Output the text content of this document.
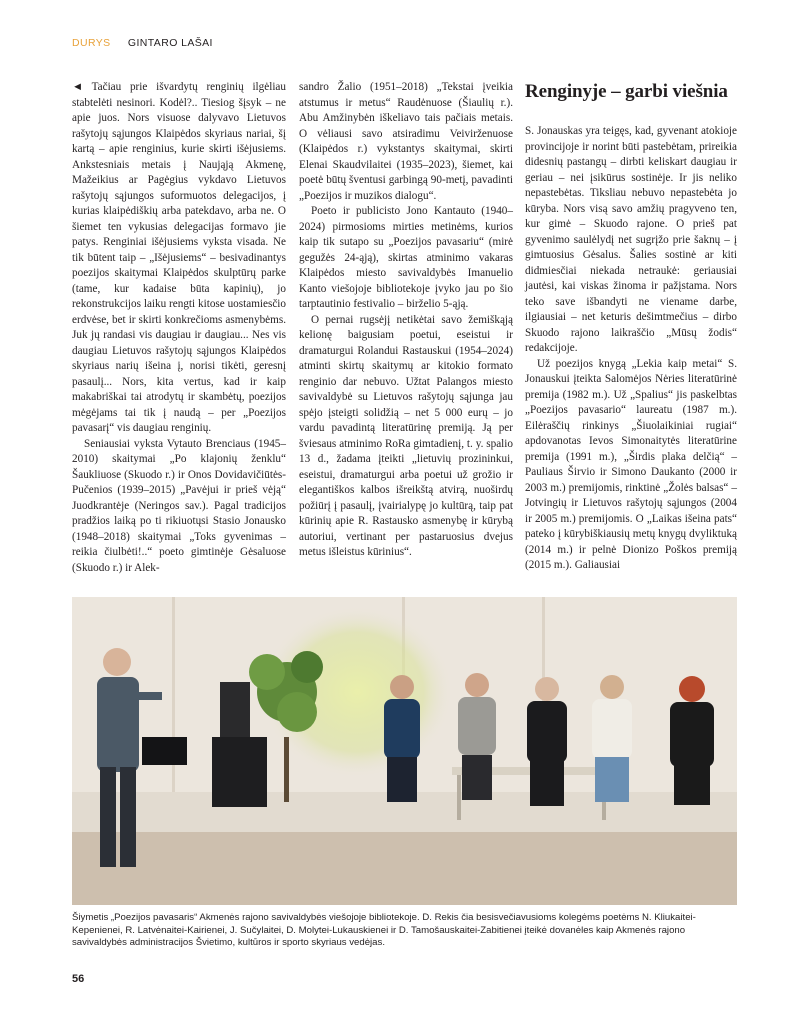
DURYS GINTARO LAŠAI

◄ Tačiau prie išvardytų renginių ilgėliau stabtelėti nesinori. Kodėl?.. Tiesiog šįsyk – ne apie juos. Nors visuose dalyvavo Lietuvos rašytojų sąjungos Klaipėdos skyriaus nariai, šį kartą – apie renginius, kurie skirti išėjusiems. Ankstesniais metais į Naująją Akmenę, Mažeikius ar Pagėgius vykdavo Lietuvos rašytojų sąjungos suformuotos delegacijos, į kurias klaipėdiškių arba patekdavo, arba ne. O šiemet ten vykusias delegacijas formavo jie patys. Renginiai išėjusiems vyksta visada. Ne tik būtent taip – „Išėjusiems“ – besivadinantys poezijos skaitymai Klaipėdos skulptūrų parke (tame, kur kadaise būta kapinių), jo rekonstrukcijos laiku rengti kitose uostamiesčio erdvėse, bet ir skirti konkrečioms asmenybėms. Juk jų randasi vis daugiau ir daugiau... Nes vis daugiau Lietuvos rašytojų sąjungos Klaipėdos skyriaus narių išeina į, norisi tikėti, geresnį pasaulį... Nors, kita vertus, kad ir kaip makabriškai tai atrodytų ir skambėtų, poezijos mėgėjams tai tik į naudą – per „Poezijos pavasarį“ vis daugiau renginių.

Seniausiai vyksta Vytauto Brenciaus (1945–2010) skaitymai „Po klajonių ženklu“ Šaukliuose (Skuodo r.) ir Onos Dovidavičiūtės-Pučenios (1939–2015) „Pavėjui ir prieš vėją“ Juodkrantėje (Neringos sav.). Pagal tradicijos pradžios laiką po ti rikiuotųsi Stasio Jonausko (1948–2018) skaitymai „Toks gyvenimas – reikia čiulbėti!..“ poeto gimtinėje Gėsaluose (Skuodo r.) ir Alek-

sandro Žalio (1951–2018) „Tekstai įveikia atstumus ir metus“ Raudėnuose (Šiaulių r.). Abu Amžinybėn iškeliavo tais pačiais metais. O vėliausi savo atsiradimu Veivirženuose (Klaipėdos r.) vykstantys skaitymai, skirti Elenai Skaudvilaitei (1935–2023), šiemet, kai poetė būtų šventusi garbingą 90-metį, pavadinti „Poezijos ir muzikos dialogu“.

Poeto ir publicisto Jono Kantauto (1940–2024) pirmosioms mirties metinėms, kurios kaip tik sutapo su „Poezijos pavasariu“ (mirė gegužės 24-ąją), skirtas atminimo vakaras Klaipėdos miesto savivaldybės Imanuelio Kanto viešojoje bibliotekoje įvyko jau po šio tarptautinio festivalio – birželio 5-ąją.

O pernai rugsėjį netikėtai savo žemiškąją kelionę baigusiam poetui, eseistui ir dramaturgui Rolandui Rastauskui (1954–2024) atminti skirtų skaitymų ar kitokio formato renginio dar nebuvo. Užtat Palangos miesto savivaldybė su Lietuvos rašytojų sąjunga jau spėjo įsteigti solidžią – net 5 000 eurų – jo vardu pavadintą literatūrinę premiją. Ją per šviesaus atminimo RoRa gimtadienį, t. y. spalio 13 d., žadama įteikti „lietuvių prozininkui, eseistui, dramaturgui arba poetui už grožio ir elegantiškos kalbos išreikštą atvirą, nuoširdų požiūrį į pasaulį, įvairialypę jo kultūrą, taip pat kūrinių apie R. Rastausko asmenybę ir kūrybą autoriui, vertinant per pastaruosius dvejus metus išleistus kūrinius“.

Renginyje – garbi viešnia

S. Jonauskas yra teigęs, kad, gyvenant atokioje provincijoje ir norint būti pastebėtam, prireikia didesnių pastangų – dirbti keliskart daugiau ir geriau – nei įsikūrus sostinėje. Ir jis neliko nepastebėtas. Tiksliau nebuvo nepastebėta jo kūryba. Nors visą savo amžių pragyveno ten, kur gimė – Skuodo rajone. O prieš pat gyvenimo saulėlydį net sugrįžo prie šaknų – į gimtuosius Gėsalus. Šalies sostinė ar kiti didmiesčiai niekada netraukė: geriausiai jautėsi, kai viskas žinoma ir pažįstama. Nors teko save išbandyti ne viename darbe, ilgiausiai – net keturis dešimtmečius – dirbo Skuodo rajono laikraščio „Mūsų žodis“ redakcijoje.

Už poezijos knygą „Lekia kaip metai“ S. Jonauskui įteikta Salomėjos Nėries literatūrinė premija (1982 m.). Už „Spalius“ jis paskelbtas „Poezijos pavasario“ laureatu (1987 m.). Eilėraščių rinkinys „Šiuolaikiniai rugiai“ apdovanotas Ievos Simonaitytės literatūrine premija (1991 m.), „Širdis plaka delčią“ – Pauliaus Širvio ir Simono Daukanto (2000 ir 2003 m.) premijomis, rinktinė „Žolės balsas“ – Jotvingių ir Lietuvos rašytojų sąjungos (2004 ir 2005 m.) premijomis. O „Laikas išeina pats“ pateko į kūrybiškiausių metų knygų dvyliktuką (2014 m.) ir pelnė Dionizo Poškos premiją (2015 m.). Galiausiai

Šiymetis „Poezijos pavasaris“ Akmenės rajono savivaldybės viešojoje bibliotekoje. D. Rekis čia besisvečiavusioms kolegėms poetėms N. Kliukaitei-Kepenienei, R. Latvėnaitei-Kairienei, J. Sučylaitei, D. Molytei-Lukauskienei ir D. Tamošauskaitei-Zabitienei įteikė dovanėles kaip Akmenės rajono savivaldybės administracijos Švietimo, kultūros ir sporto skyriaus vedėjas.
56
